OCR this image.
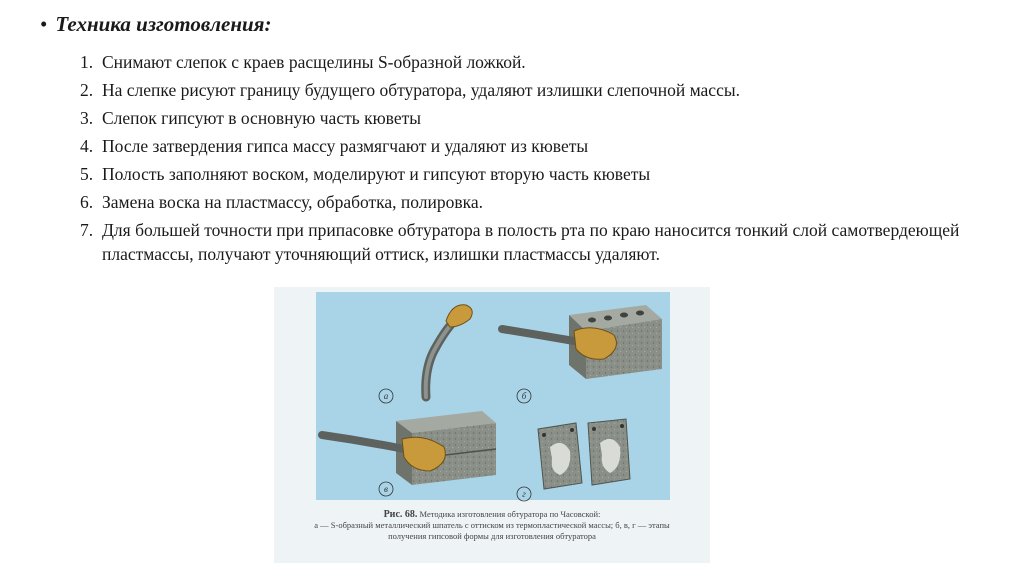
• Техника изготовления:
1. Снимают слепок с краев расщелины S-образной ложкой.
2. На слепке рисуют границу будущего обтуратора, удаляют излишки слепочной массы.
3. Слепок гипсуют в основную часть кюветы
4. После затвердения гипса массу размягчают и удаляют из кюветы
5. Полость заполняют воском, моделируют и гипсуют вторую часть кюветы
6. Замена воска на пластмассу, обработка, полировка.
7. Для большей точности при припасовке обтуратора в полость рта по краю наносится тонкий слой самотвердеющей пластмассы, получают уточняющий оттиск, излишки пластмассы удаляют.
а	б
в	г
Рис. 68. Методика изготовления обтуратора по Часовской:
а — S-образный металлический шпатель с оттиском из термопластической массы; б, в, г — этапы
получения гипсовой формы для изготовления обтуратора
